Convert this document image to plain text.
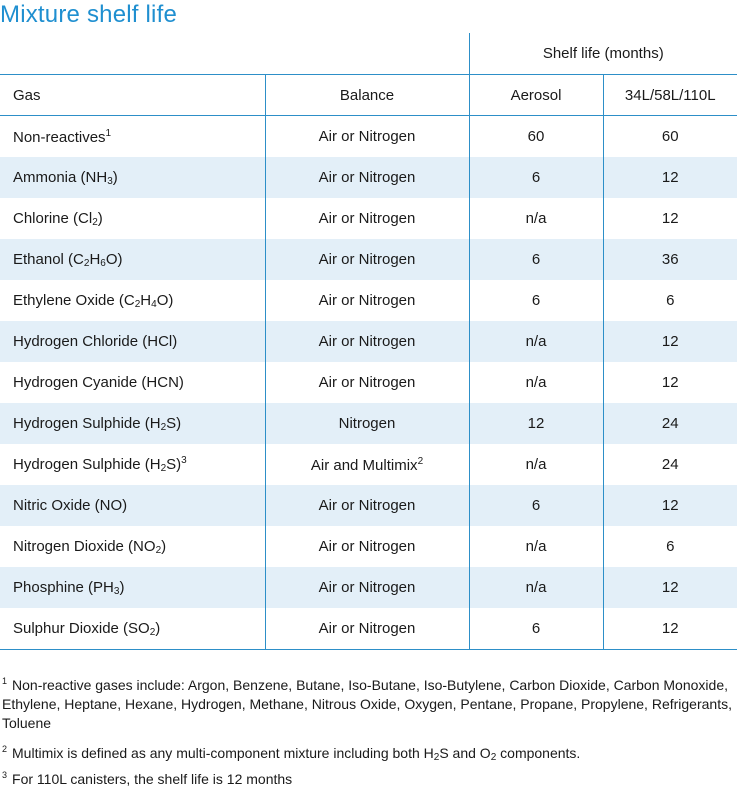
Mixture shelf life
		Shelf life (months)	
Gas	Balance	Aerosol	34L/58L/110L
Non-reactives$^1$	Air or Nitrogen	60	60
Ammonia $(NH_3)$	Air or Nitrogen	6	12
Chlorine $(Cl_2)$	Air or Nitrogen	n/a	12
Ethanol $(C_2H_6O)$	Air or Nitrogen	6	36
Ethylene Oxide $(C_2H_4O)$	Air or Nitrogen	6	6
Hydrogen Chloride (HCl)	Air or Nitrogen	n/a	12
Hydrogen Cyanide (HCN)	Air or Nitrogen	n/a	12
Hydrogen Sulphide $(H_2S)$	Nitrogen	12	24
Hydrogen Sulphide $(H_2S)^3$	Air and Multimix$^2$	n/a	24
Nitric Oxide (NO)	Air or Nitrogen	6	12
Nitrogen Dioxide $(NO_2)$	Air or Nitrogen	n/a	6
Phosphine $(PH_3)$	Air or Nitrogen	n/a	12
Sulphur Dioxide $(SO_2)$	Air or Nitrogen	6	12
$^1$ Non-reactive gases include: Argon, Benzene, Butane, Iso-Butane, Iso-Butylene, Carbon Dioxide, Carbon Monoxide, Ethylene, Heptane, Hexane, Hydrogen, Methane, Nitrous Oxide, Oxygen, Pentane, Propane, Propylene, Refrigerants, Toluene
$^2$ Multimix is defined as any multi-component mixture including both $H_2S$ and $O_2$ components.
$^3$ For 110L canisters, the shelf life is 12 months
